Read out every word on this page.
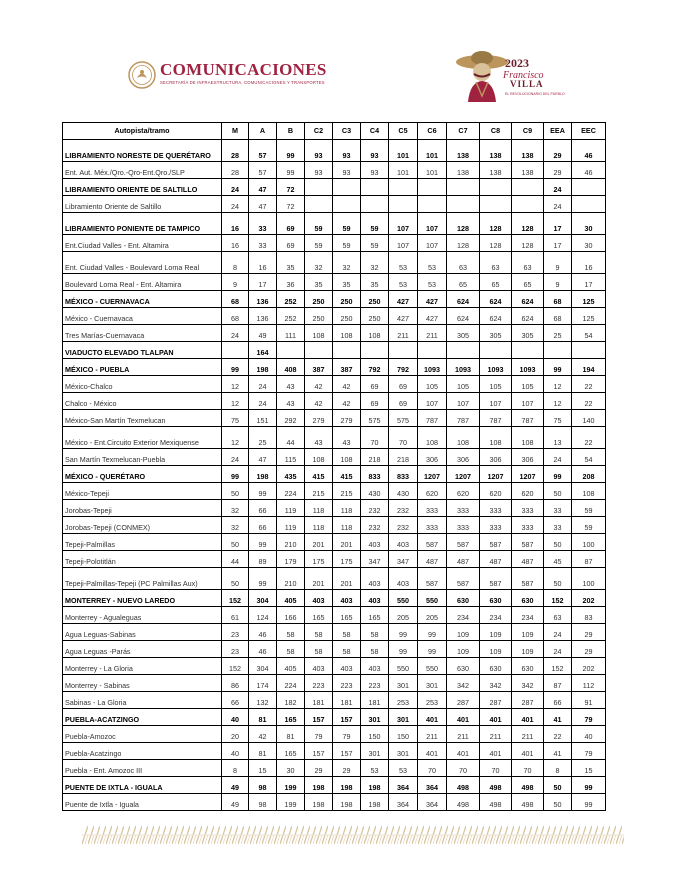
COMUNICACIONES
SECRETARÍA DE INFRAESTRUCTURA, COMUNICACIONES Y TRANSPORTES
2023
Francisco
VILLA
EL REVOLUCIONARIO DEL PUEBLO
Autopista/tramo	M	A	B	C2	C3	C4	C5	C6	C7	C8	C9	EEA	EEC
LIBRAMIENTO NORESTE DE QUERÉTARO	28	57	99	93	93	93	101	101	138	138	138	29	46
Ent. Aut. Méx./Qro.-Qro-Ent.Qro./SLP	28	57	99	93	93	93	101	101	138	138	138	29	46
LIBRAMIENTO ORIENTE DE SALTILLO	24	47	72									24	
Libramiento Oriente de Saltillo	24	47	72									24	
LIBRAMIENTO PONIENTE DE TAMPICO	16	33	69	59	59	59	107	107	128	128	128	17	30
Ent.Ciudad Valles - Ent. Altamira	16	33	69	59	59	59	107	107	128	128	128	17	30
Ent. Ciudad Valles - Boulevard Loma Real	8	16	35	32	32	32	53	53	63	63	63	9	16
Boulevard Loma Real - Ent. Altamira	9	17	36	35	35	35	53	53	65	65	65	9	17
MÉXICO - CUERNAVACA	68	136	252	250	250	250	427	427	624	624	624	68	125
México - Cuernavaca	68	136	252	250	250	250	427	427	624	624	624	68	125
Tres Marías-Cuernavaca	24	49	111	108	108	108	211	211	305	305	305	25	54
VIADUCTO ELEVADO TLALPAN		164											
MÉXICO - PUEBLA	99	198	408	387	387	792	792	1093	1093	1093	1093	99	194
México-Chalco	12	24	43	42	42	69	69	105	105	105	105	12	22
Chalco - México	12	24	43	42	42	69	69	107	107	107	107	12	22
México-San Martín Texmelucan	75	151	292	279	279	575	575	787	787	787	787	75	140
México - Ent.Circuito Exterior Mexiquense	12	25	44	43	43	70	70	108	108	108	108	13	22
San Martín Texmelucan-Puebla	24	47	115	108	108	218	218	306	306	306	306	24	54
MÉXICO - QUERÉTARO	99	198	435	415	415	833	833	1207	1207	1207	1207	99	208
México-Tepeji	50	99	224	215	215	430	430	620	620	620	620	50	108
Jorobas-Tepeji	32	66	119	118	118	232	232	333	333	333	333	33	59
Jorobas-Tepeji (CONMEX)	32	66	119	118	118	232	232	333	333	333	333	33	59
Tepeji-Palmillas	50	99	210	201	201	403	403	587	587	587	587	50	100
Tepeji-Polotitlán	44	89	179	175	175	347	347	487	487	487	487	45	87
Tepeji-Palmillas-Tepeji (PC Palmillas Aux)	50	99	210	201	201	403	403	587	587	587	587	50	100
MONTERREY - NUEVO LAREDO	152	304	405	403	403	403	550	550	630	630	630	152	202
Monterrey - Agualeguas	61	124	166	165	165	165	205	205	234	234	234	63	83
Agua Leguas-Sabinas	23	46	58	58	58	58	99	99	109	109	109	24	29
Agua Leguas -Parás	23	46	58	58	58	58	99	99	109	109	109	24	29
Monterrey - La Gloria	152	304	405	403	403	403	550	550	630	630	630	152	202
Monterrey - Sabinas	86	174	224	223	223	223	301	301	342	342	342	87	112
Sabinas - La Gloria	66	132	182	181	181	181	253	253	287	287	287	66	91
PUEBLA-ACATZINGO	40	81	165	157	157	301	301	401	401	401	401	41	79
Puebla-Amozoc	20	42	81	79	79	150	150	211	211	211	211	22	40
Puebla-Acatzingo	40	81	165	157	157	301	301	401	401	401	401	41	79
Puebla - Ent. Amozoc III	8	15	30	29	29	53	53	70	70	70	70	8	15
PUENTE DE IXTLA - IGUALA	49	98	199	198	198	198	364	364	498	498	498	50	99
Puente de Ixtla - Iguala	49	98	199	198	198	198	364	364	498	498	498	50	99
